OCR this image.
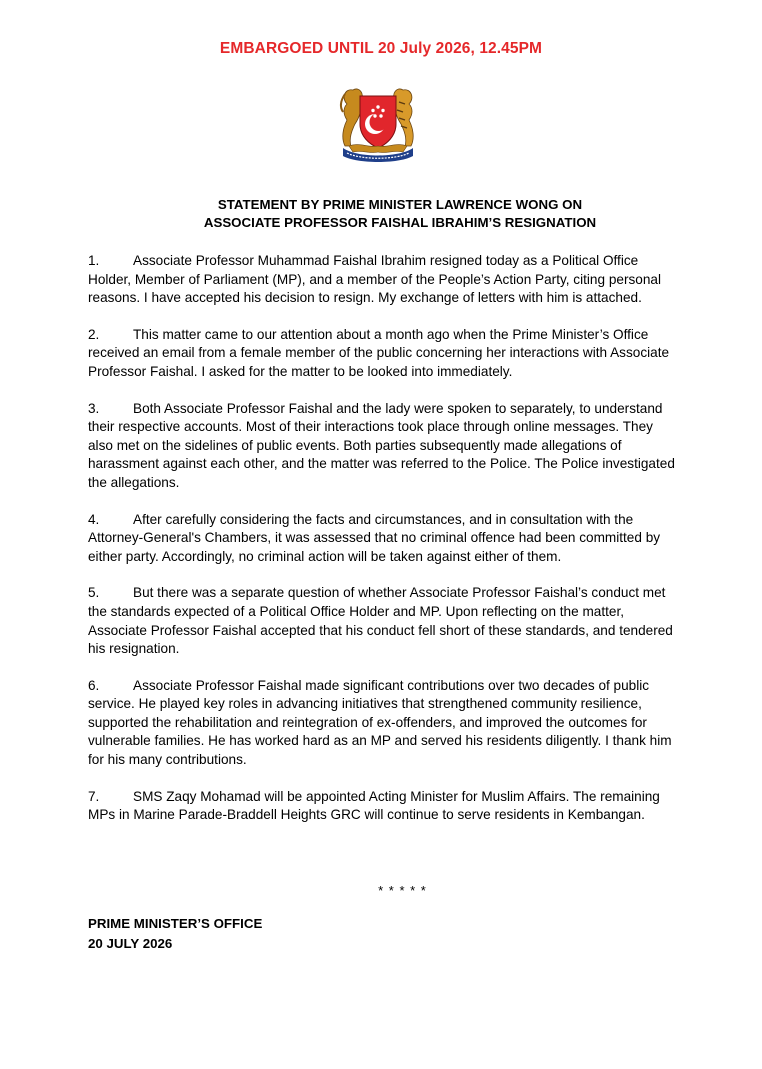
EMBARGOED UNTIL 20 July 2026, 12.45PM
STATEMENT BY PRIME MINISTER LAWRENCE WONG ON
ASSOCIATE PROFESSOR FAISHAL IBRAHIM’S RESIGNATION

1. Associate Professor Muhammad Faishal Ibrahim resigned today as a Political Office Holder, Member of Parliament (MP), and a member of the People’s Action Party, citing personal reasons. I have accepted his decision to resign. My exchange of letters with him is attached.

2. This matter came to our attention about a month ago when the Prime Minister’s Office received an email from a female member of the public concerning her interactions with Associate Professor Faishal. I asked for the matter to be looked into immediately.

3. Both Associate Professor Faishal and the lady were spoken to separately, to understand their respective accounts. Most of their interactions took place through online messages. They also met on the sidelines of public events. Both parties subsequently made allegations of harassment against each other, and the matter was referred to the Police. The Police investigated the allegations.

4. After carefully considering the facts and circumstances, and in consultation with the Attorney-General's Chambers, it was assessed that no criminal offence had been committed by either party. Accordingly, no criminal action will be taken against either of them.

5. But there was a separate question of whether Associate Professor Faishal’s conduct met the standards expected of a Political Office Holder and MP. Upon reflecting on the matter, Associate Professor Faishal accepted that his conduct fell short of these standards, and tendered his resignation.

6. Associate Professor Faishal made significant contributions over two decades of public service. He played key roles in advancing initiatives that strengthened community resilience, supported the rehabilitation and reintegration of ex-offenders, and improved the outcomes for vulnerable families. He has worked hard as an MP and served his residents diligently. I thank him for his many contributions.

7. SMS Zaqy Mohamad will be appointed Acting Minister for Muslim Affairs. The remaining MPs in Marine Parade-Braddell Heights GRC will continue to serve residents in Kembangan.

* * * * *
PRIME MINISTER’S OFFICE
20 JULY 2026
